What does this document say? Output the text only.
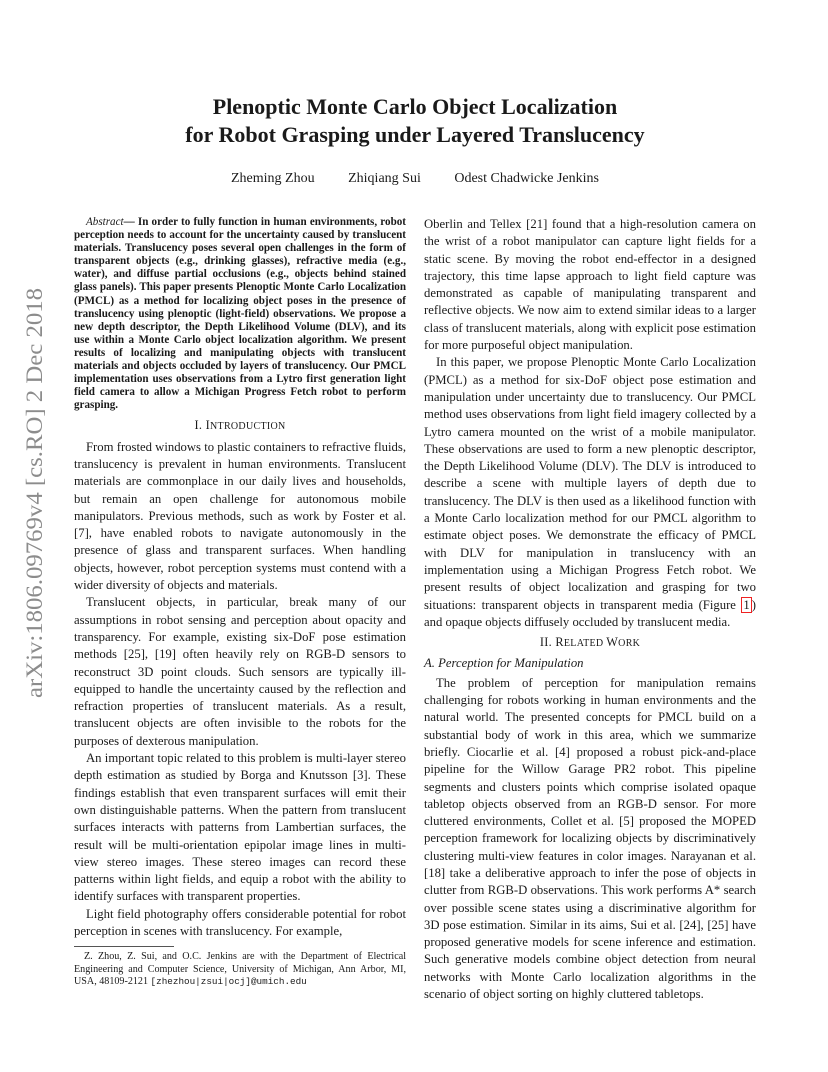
arXiv:1806.09769v4 [cs.RO] 2 Dec 2018
Plenoptic Monte Carlo Object Localization
for Robot Grasping under Layered Translucency
Zheming Zhou Zhiqiang Sui Odest Chadwicke Jenkins

Abstract— In order to fully function in human environments, robot perception needs to account for the uncertainty caused by translucent materials. Translucency poses several open challenges in the form of transparent objects (e.g., drinking glasses), refractive media (e.g., water), and diffuse partial occlusions (e.g., objects behind stained glass panels). This paper presents Plenoptic Monte Carlo Localization (PMCL) as a method for localizing object poses in the presence of translucency using plenoptic (light-field) observations. We propose a new depth descriptor, the Depth Likelihood Volume (DLV), and its use within a Monte Carlo object localization algorithm. We present results of localizing and manipulating objects with translucent materials and objects occluded by layers of translucency. Our PMCL implementation uses observations from a Lytro first generation light field camera to allow a Michigan Progress Fetch robot to perform grasping.

I. INTRODUCTION

From frosted windows to plastic containers to refractive fluids, translucency is prevalent in human environments. Translucent materials are commonplace in our daily lives and households, but remain an open challenge for autonomous mobile manipulators. Previous methods, such as work by Foster et al. [7], have enabled robots to navigate autonomously in the presence of glass and transparent surfaces. When handling objects, however, robot perception systems must contend with a wider diversity of objects and materials.

Translucent objects, in particular, break many of our assumptions in robot sensing and perception about opacity and transparency. For example, existing six-DoF pose estimation methods [25], [19] often heavily rely on RGB-D sensors to reconstruct 3D point clouds. Such sensors are typically ill-equipped to handle the uncertainty caused by the reflection and refraction properties of translucent materials. As a result, translucent objects are often invisible to the robots for the purposes of dexterous manipulation.

An important topic related to this problem is multi-layer stereo depth estimation as studied by Borga and Knutsson [3]. These findings establish that even transparent surfaces will emit their own distinguishable patterns. When the pattern from translucent surfaces interacts with patterns from Lambertian surfaces, the result will be multi-orientation epipolar image lines in multi-view stereo images. These stereo images can record these patterns within light fields, and equip a robot with the ability to identify surfaces with transparent properties.

Light field photography offers considerable potential for robot perception in scenes with translucency. For example,

Z. Zhou, Z. Sui, and O.C. Jenkins are with the Department of Electrical Engineering and Computer Science, University of Michigan, Ann Arbor, MI, USA, 48109-2121 [zhezhou|zsui|ocj]@umich.edu

Oberlin and Tellex [21] found that a high-resolution camera on the wrist of a robot manipulator can capture light fields for a static scene. By moving the robot end-effector in a designed trajectory, this time lapse approach to light field capture was demonstrated as capable of manipulating transparent and reflective objects. We now aim to extend similar ideas to a larger class of translucent materials, along with explicit pose estimation for more purposeful object manipulation.

In this paper, we propose Plenoptic Monte Carlo Localization (PMCL) as a method for six-DoF object pose estimation and manipulation under uncertainty due to translucency. Our PMCL method uses observations from light field imagery collected by a Lytro camera mounted on the wrist of a mobile manipulator. These observations are used to form a new plenoptic descriptor, the Depth Likelihood Volume (DLV). The DLV is introduced to describe a scene with multiple layers of depth due to translucency. The DLV is then used as a likelihood function with a Monte Carlo localization method for our PMCL algorithm to estimate object poses. We demonstrate the efficacy of PMCL with DLV for manipulation in translucency with an implementation using a Michigan Progress Fetch robot. We present results of object localization and grasping for two situations: transparent objects in transparent media (Figure 1 ) and opaque objects diffusely occluded by translucent media.

II. RELATED WORK
A. Perception for Manipulation

The problem of perception for manipulation remains challenging for robots working in human environments and the natural world. The presented concepts for PMCL build on a substantial body of work in this area, which we summarize briefly. Ciocarlie et al. [4] proposed a robust pick-and-place pipeline for the Willow Garage PR2 robot. This pipeline segments and clusters points which comprise isolated opaque tabletop objects observed from an RGB-D sensor. For more cluttered environments, Collet et al. [5] proposed the MOPED perception framework for localizing objects by discriminatively clustering multi-view features in color images. Narayanan et al. [18] take a deliberative approach to infer the pose of objects in clutter from RGB-D observations. This work performs A* search over possible scene states using a discriminative algorithm for 3D pose estimation. Similar in its aims, Sui et al. [24], [25] have proposed generative models for scene inference and estimation. Such generative models combine object detection from neural networks with Monte Carlo localization algorithms in the scenario of object sorting on highly cluttered tabletops.
